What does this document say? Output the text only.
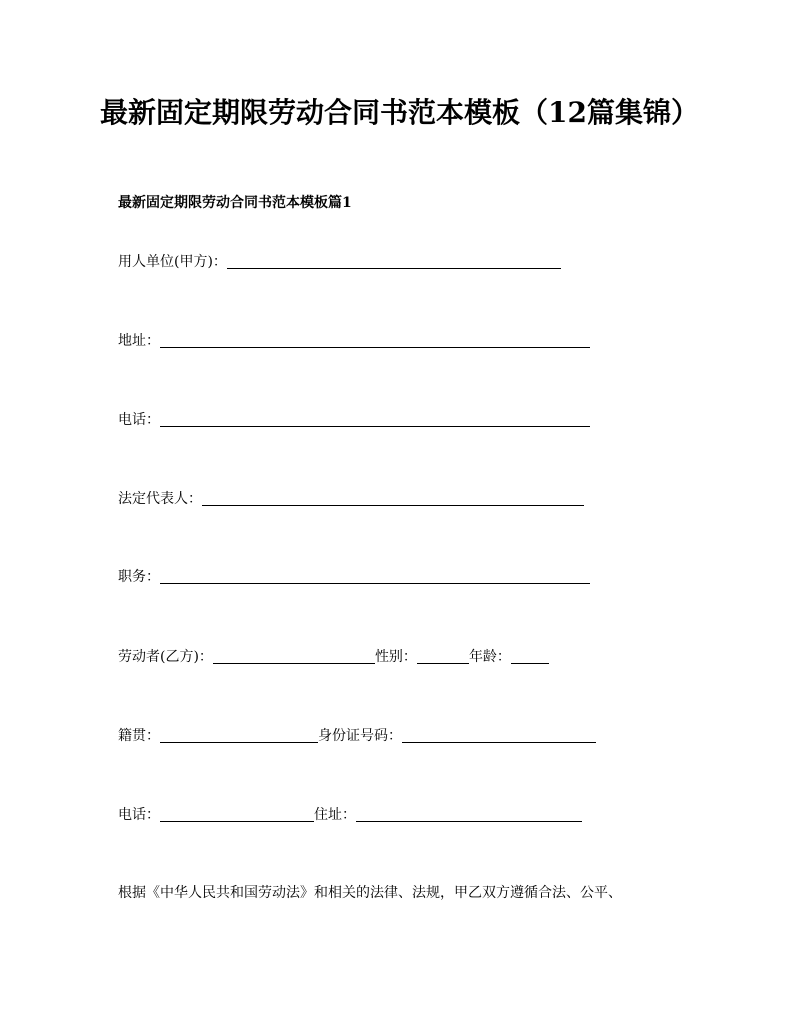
最新固定期限劳动合同书范本模板（12篇集锦）
最新固定期限劳动合同书范本模板篇1
用人单位(甲方)：
地址：
电话：
法定代表人：
职务：
劳动者(乙方)：	性别：	年龄：
籍贯：	身份证号码：
电话：	住址：

根据《中华人民共和国劳动法》和相关的法律、法规，甲乙双方遵循合法、公平、
